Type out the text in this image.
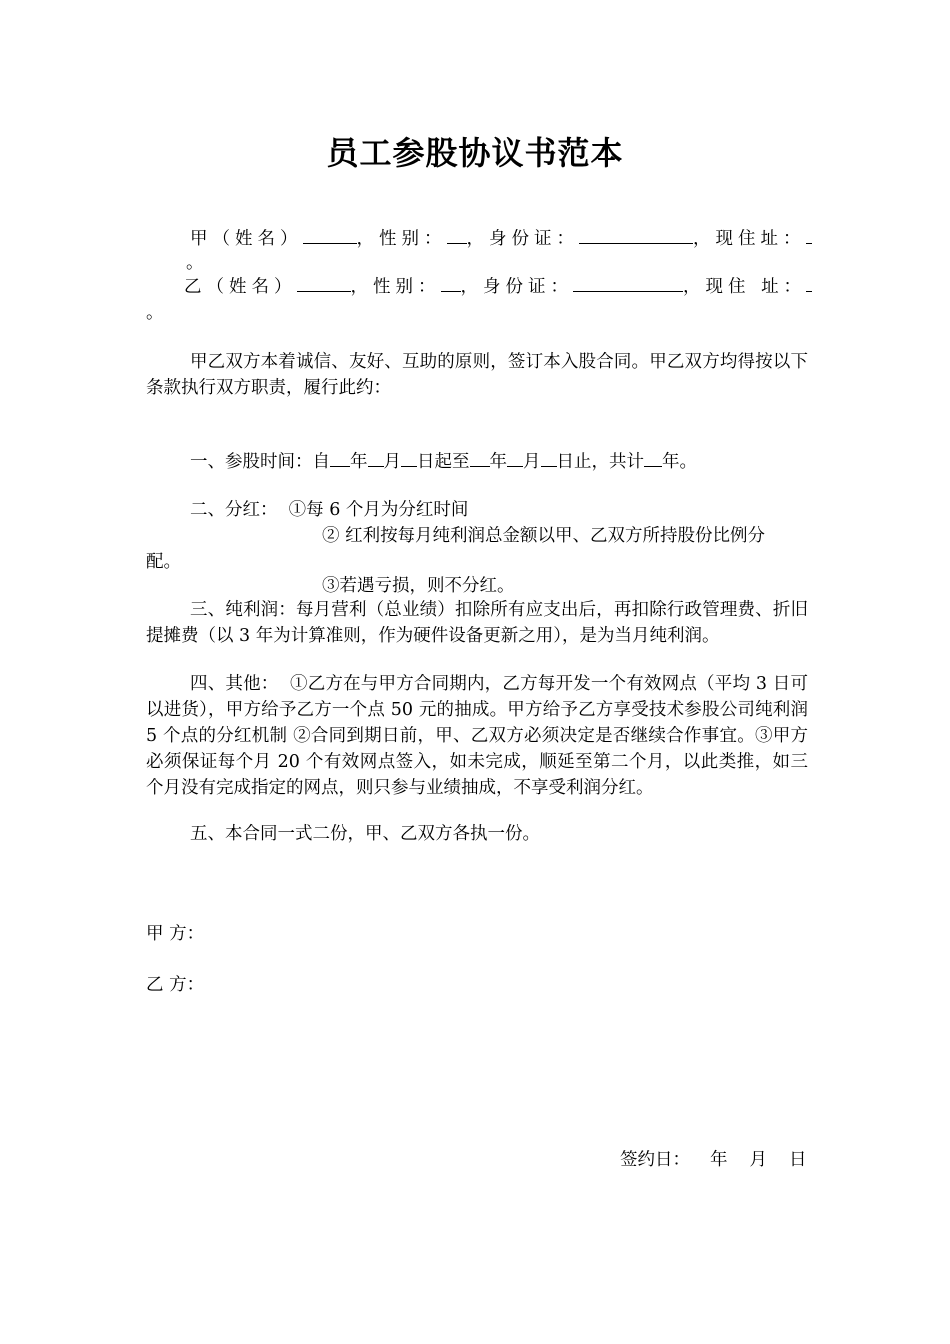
员工参股协议书范本
甲（姓名）	，性别： ，身份证：	，现住址：
。
乙（姓名）	，性别： ，身份证：	，现住 址：
。
甲乙双方本着诚信、友好、互助的原则，签订本入股合同。甲乙双方均得按以下条款执行双方职责，履行此约：
一、参股时间：自 年 月 日起至 年 月 日止，共计 年。
二、分红：  ①每 6 个月为分红时间
② 红利按每月纯利润总金额以甲、乙双方所持股份比例分
配。
③若遇亏损，则不分红。
三、纯利润：每月营利（总业绩）扣除所有应支出后，再扣除行政管理费、折旧提摊费（以 3 年为计算准则，作为硬件设备更新之用），是为当月纯利润。
四、其他：  ①乙方在与甲方合同期内，乙方每开发一个有效网点（平均 3 日可以进货），甲方给予乙方一个点 50 元的抽成。甲方给予乙方享受技术参股公司纯利润 5 个点的分红机制 ②合同到期日前，甲、乙双方必须决定是否继续合作事宜。③甲方必须保证每个月 20 个有效网点签入，如未完成，顺延至第二个月，以此类推，如三个月没有完成指定的网点，则只参与业绩抽成，不享受利润分红。
五、本合同一式二份，甲、乙双方各执一份。
甲 方：
乙 方：
签约日： 年 月 日
